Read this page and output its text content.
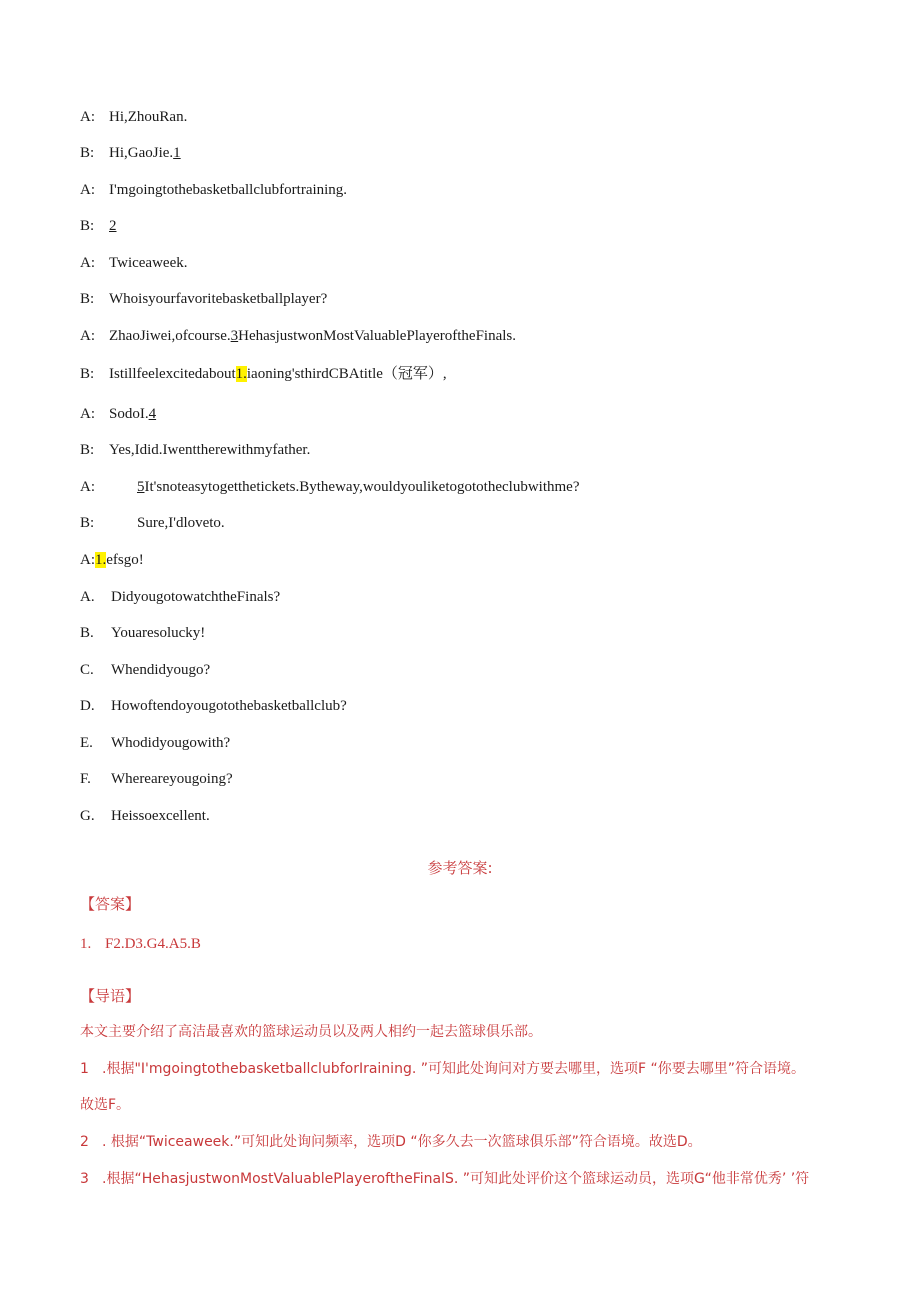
A: Hi,ZhouRan.
B: Hi,GaoJie.1
A: I'mgoingtothebasketballclubfortraining.
B: 2
A: Twiceaweek.
B: Whoisyourfavoritebasketballplayer?
A: ZhaoJiwei,ofcourse.3HehasjustwonMostValuablePlayeroftheFinals.
B: Istillfeelexcitedabout1.iaoning'sthirdCBAtitle（冠军）,
A: SodoI.4
B: Yes,Idid.Iwenttherewithmyfather.
A:	5It'snoteasytogetthetickets.Bytheway,wouldyouliketogototheclubwithme?
B:	Sure,I'dloveto.
A:1.efsgo!
A. DidyougotowatchtheFinals?
B. Youaresolucky!
C. Whendidyougo?
D. Howoftendoyougotothebasketballclub?
E. Whodidyougowith?
F. Whereareyougoing?
G. Heissoexcellent.
参考答案:
【答案】
1. F2.D3.G4.A5.B
【导语】
本文主要介绍了高洁最喜欢的篮球运动员以及两人相约一起去篮球俱乐部。
1 .根据"I'mgoingtothebasketballclubforIraining. ”可知此处询问对方要去哪里，选项F “你要去哪里”符合语境。
故选F。
2 . 根据“Twiceaweek.”可知此处询问频率，选项D “你多久去一次篮球俱乐部”符合语境。故选D。
3 .根据“HehasjustwonMostValuablePlayeroftheFinalS. ”可知此处评价这个篮球运动员，选项G“他非常优秀’ ’符
